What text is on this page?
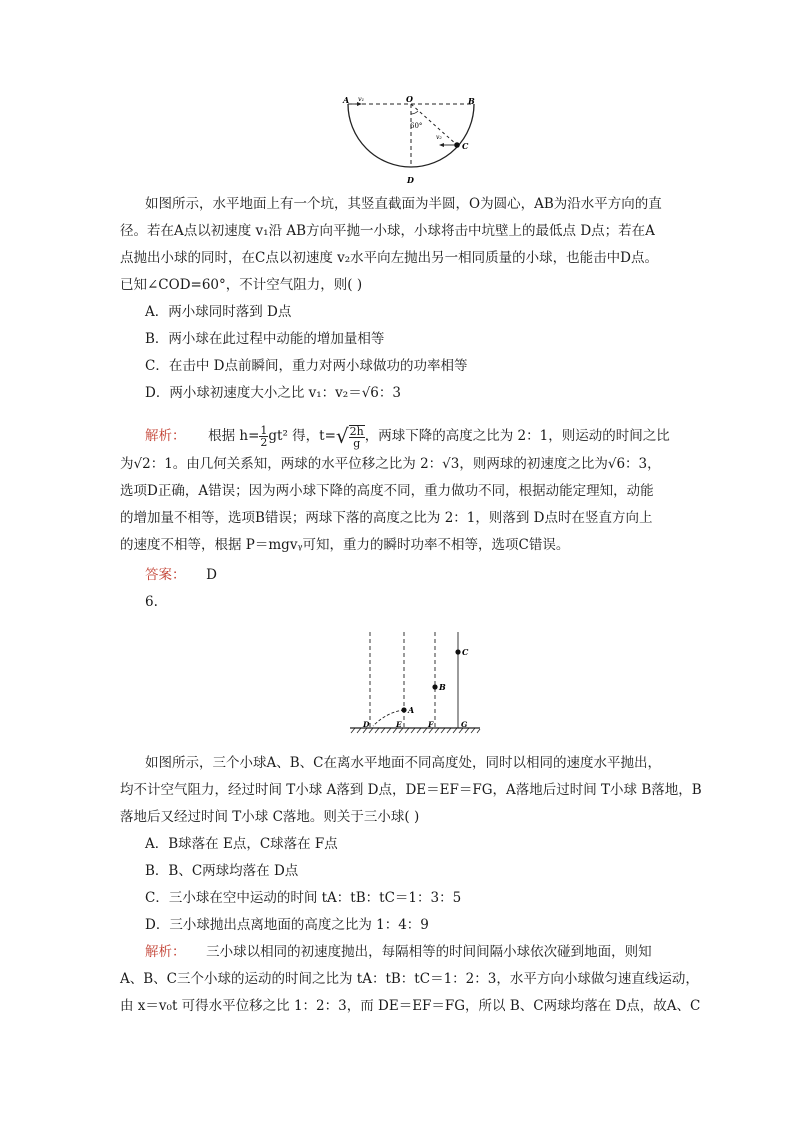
A v₁	O	B
60°
v₂
C
D
如图所示，水平地面上有一个坑，其竖直截面为半圆，O为圆心，AB为沿水平方向的直
径。若在A点以初速度 v₁沿 AB方向平抛一小球，小球将击中坑壁上的最低点 D点；若在A
点抛出小球的同时，在C点以初速度 v₂水平向左抛出另一相同质量的小球，也能击中D点。
已知∠COD=60°，不计空气阻力，则( )
A．两小球同时落到 D点
B．两小球在此过程中动能的增加量相等
C．在击中 D点前瞬间，重力对两小球做功的功率相等
D．两小球初速度大小之比 v₁：v₂＝√6：3
解析： 根据 $h= \frac{1}{2} gt^2$ 得，$t=√ \frac{2h}{g}$ ，两球下降的高度之比为 2：1，则运动的时间之比
为√2：1。由几何关系知，两球的水平位移之比为 2：√3，则两球的初速度之比为√6：3，
选项D正确，A错误；因为两小球下降的高度不同，重力做功不同，根据动能定理知，动能
的增加量不相等，选项B错误；两球下落的高度之比为 2：1，则落到 D点时在竖直方向上
的速度不相等，根据 P＝mgvᵧ可知，重力的瞬时功率不相等，选项C错误。
答案： D
6.
A
B
C
D	E	F	G
如图所示，三个小球A、B、C在离水平地面不同高度处，同时以相同的速度水平抛出，
均不计空气阻力，经过时间 T小球 A落到 D点，DE＝EF＝FG，A落地后过时间 T小球 B落地，B
落地后又经过时间 T小球 C落地。则关于三小球( )
A．B球落在 E点，C球落在 F点
B．B、C两球均落在 D点
C．三小球在空中运动的时间 tA：tB：tC＝1：3：5
D．三小球抛出点离地面的高度之比为 1：4：9
解析： 三小球以相同的初速度抛出，每隔相等的时间间隔小球依次碰到地面，则知
A、B、C三个小球的运动的时间之比为 tA：tB：tC＝1：2：3，水平方向小球做匀速直线运动，
由 x＝v₀t 可得水平位移之比 1：2：3，而 DE＝EF＝FG，所以 B、C两球均落在 D点，故A、C
